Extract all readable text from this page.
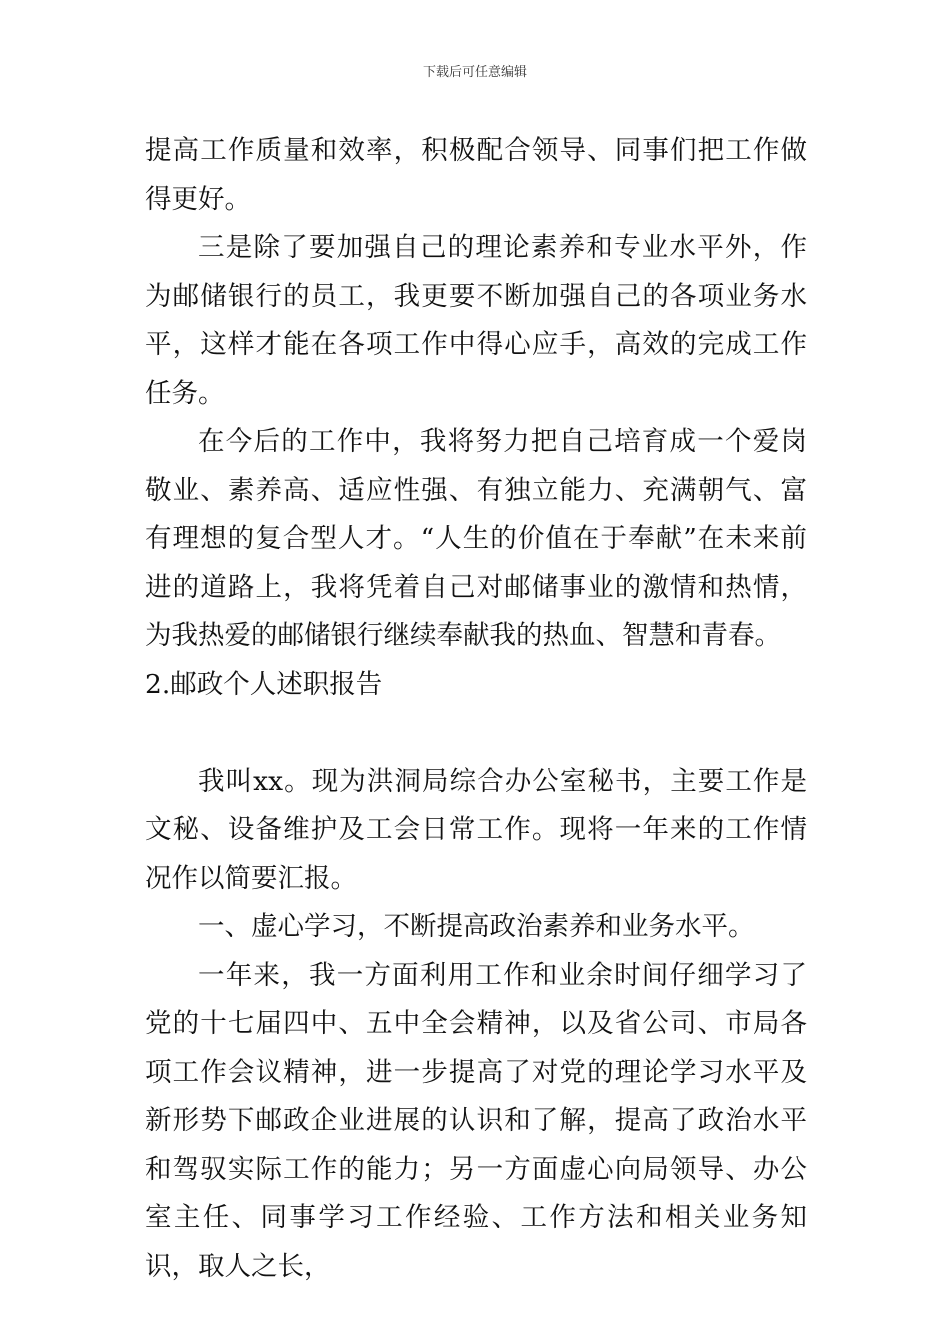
下载后可任意编辑

提高工作质量和效率，积极配合领导、同事们把工作做得更好。

三是除了要加强自己的理论素养和专业水平外，作为邮储银行的员工，我更要不断加强自己的各项业务水平，这样才能在各项工作中得心应手，高效的完成工作任务。

在今后的工作中，我将努力把自己培育成一个爱岗敬业、素养高、适应性强、有独立能力、充满朝气、富有理想的复合型人才。“人生的价值在于奉献”在未来前进的道路上，我将凭着自己对邮储事业的激情和热情，为我热爱的邮储银行继续奉献我的热血、智慧和青春。

2.邮政个人述职报告

我叫xx。现为洪洞局综合办公室秘书，主要工作是文秘、设备维护及工会日常工作。现将一年来的工作情况作以简要汇报。

一、虚心学习，不断提高政治素养和业务水平。

一年来，我一方面利用工作和业余时间仔细学习了党的十七届四中、五中全会精神，以及省公司、市局各项工作会议精神，进一步提高了对党的理论学习水平及新形势下邮政企业进展的认识和了解，提高了政治水平和驾驭实际工作的能力；另一方面虚心向局领导、办公室主任、同事学习工作经验、工作方法和相关业务知识，取人之长，
